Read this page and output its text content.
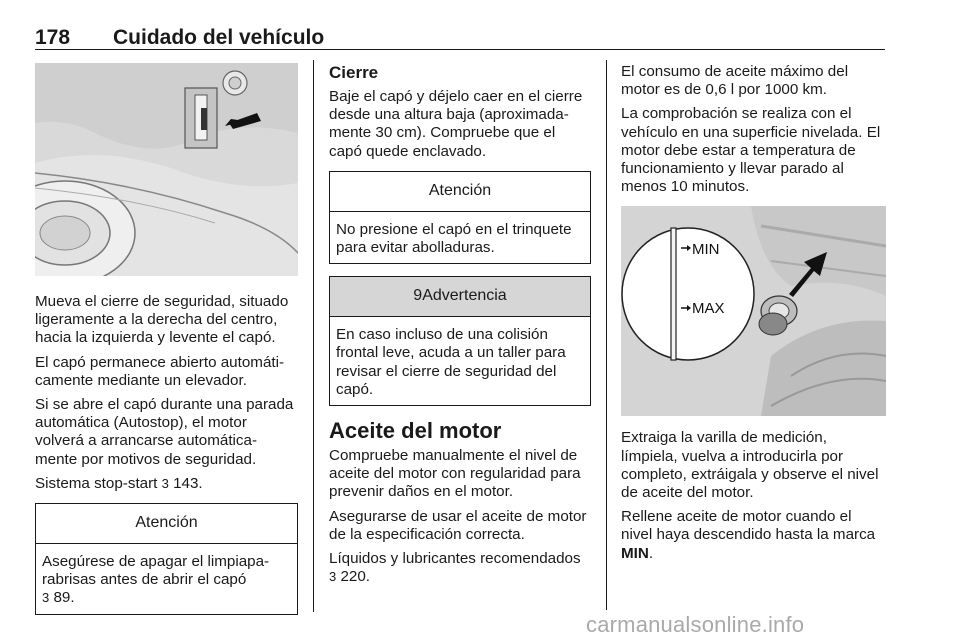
178 Cuidado del vehículo

Mueva el cierre de seguridad, situado ligeramente a la derecha del centro, hacia la izquierda y levente el capó.

El capó permanece abierto automáti-camente mediante un elevador.

Si se abre el capó durante una parada automática (Autostop), el motor volverá a arrancarse automática-mente por motivos de seguridad.

Sistema stop-start 3 143.

Atención

Asegúrese de apagar el limpiapa-rabrisas antes de abrir el capó
3 89.

Cierre

Baje el capó y déjelo caer en el cierre desde una altura baja (aproximada-mente 30 cm). Compruebe que el capó quede enclavado.

Atención

No presione el capó en el trinquete para evitar abolladuras.

9Advertencia

En caso incluso de una colisión frontal leve, acuda a un taller para revisar el cierre de seguridad del capó.

Aceite del motor

Compruebe manualmente el nivel de aceite del motor con regularidad para prevenir daños en el motor.

Asegurarse de usar el aceite de motor de la especificación correcta.

Líquidos y lubricantes recomendados
3 220.

El consumo de aceite máximo del motor es de 0,6 l por 1000 km.

La comprobación se realiza con el vehículo en una superficie nivelada. El motor debe estar a temperatura de funcionamiento y llevar parado al menos 10 minutos.

MIN
MAX

Extraiga la varilla de medición, límpiela, vuelva a introducirla por completo, extráigala y observe el nivel de aceite del motor.

Rellene aceite de motor cuando el nivel haya descendido hasta la marca MIN.

carmanualsonline.info
